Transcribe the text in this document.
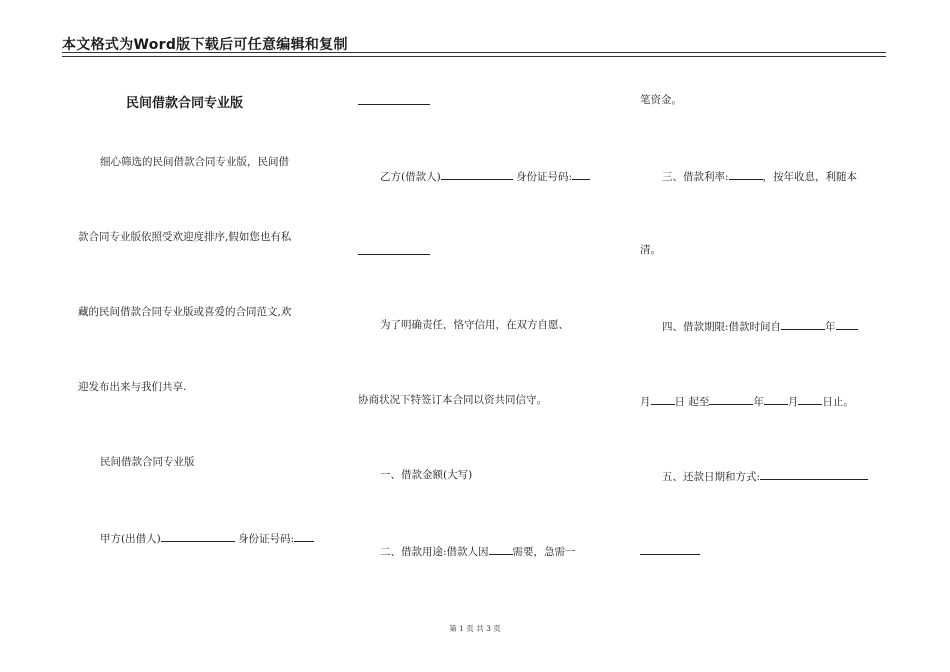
本文格式为Word版下载后可任意编辑和复制
民间借款合同专业版
细心筛选的民间借款合同专业版，民间借
款合同专业版依照受欢迎度排序,假如您也有私
藏的民间借款合同专业版或喜爱的合同范文,欢
迎发布出来与我们共享.
民间借款合同专业版
甲方(出借人)	身份证号码:
乙方(借款人)	身份证号码:
为了明确责任，恪守信用，在双方自愿、
协商状况下特签订本合同以资共同信守。
一、借款金额(大写)
二、借款用途:借款人因 需要，急需一
笔资金。
三、借款利率:	，按年收息，利随本
清。
四、借款期限:借款时间自	年
月 日 起至	年 月 日止。
五、还款日期和方式:
第 1 页 共 3 页
